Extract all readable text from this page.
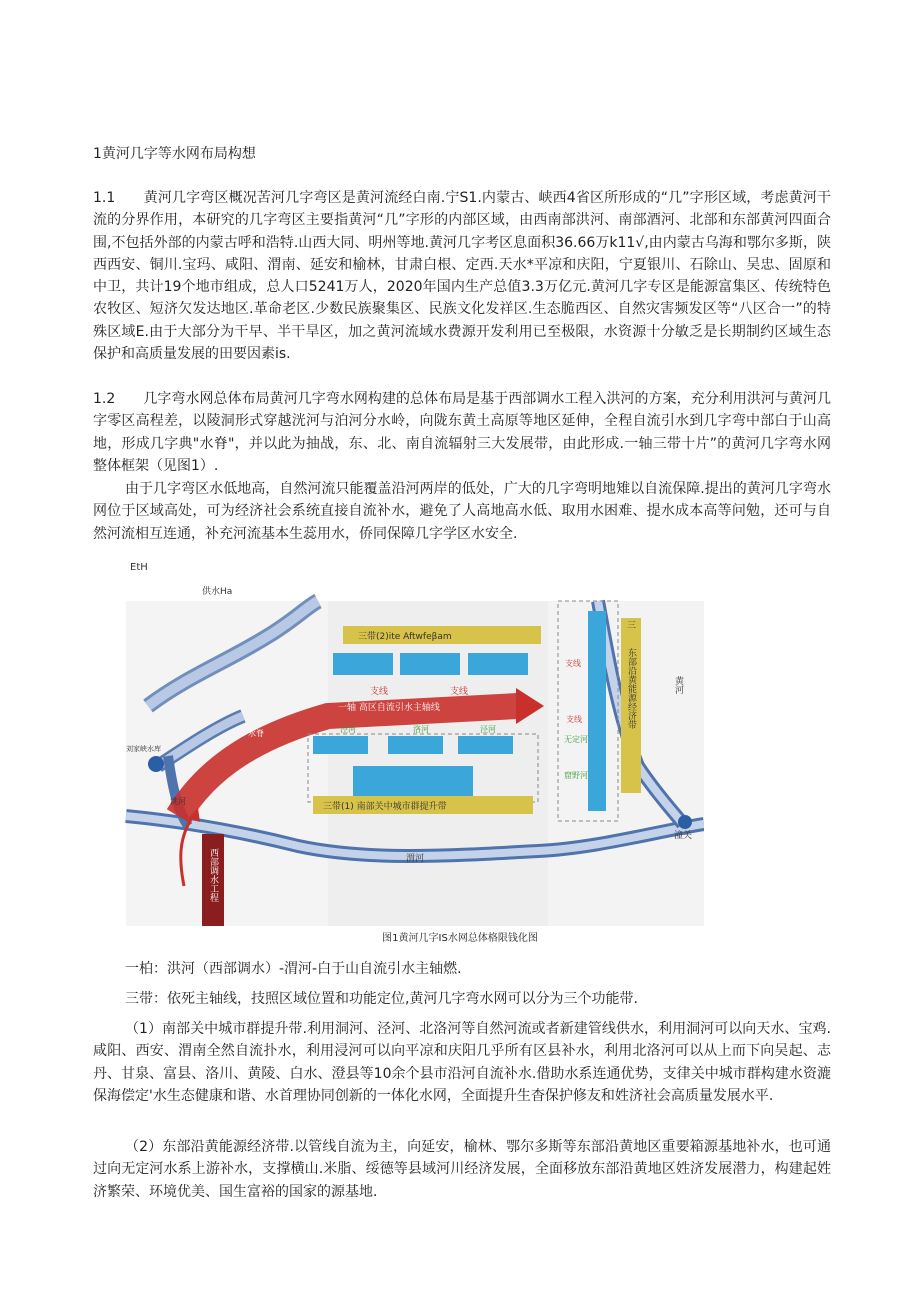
1黄河几字等水网布局构想

1.1　　黄河几字弯区概况苦河几字弯区是黄河流经白南.宁S1.内蒙古、峡西4省区所形成的“几”字形区域，考虑黄河干流的分界作用，本研究的几字弯区主要指黄河“几”字形的内部区域，由西南部洪河、南部酒河、北部和东部黄河四面合围,不包括外部的内蒙古呼和浩特.山西大同、明州等地.黄河几字考区息面积36.66万k11√,由内蒙古乌海和鄂尔多斯，陕西西安、铜川.宝玛、咸阳、渭南、延安和榆林，甘肃白根、定西.天水*平凉和庆阳，宁夏银川、石除山、吴忠、固原和中卫，共计19个地市组成，总人口5241万人，2020年国内生产总值3.3万亿元.黄河几字专区是能源富集区、传统特色农牧区、短济欠发达地区.革命老区.少数民族聚集区、民族文化发祥区.生态脆西区、自然灾害频发区等“八区合一”的特殊区域E.由于大部分为干早、半干旱区，加之黄河流域水费源开发利用已至极限，水资源十分敏乏是长期制约区域生态保护和高质量发展的田要因素is.

1.2　　几字弯水网总体布局黄河几字弯水网构建的总体布局是基于西部调水工程入洪河的方案，充分利用洪河与黄河几字零区高程差，以陵洞形式穿越洸河与泊河分水岭，向陇东黄土高原等地区延伸，全程自流引水到几字弯中部白于山高地，形成几字典"水脊"，并以此为抽战，东、北、南自流辐射三大发展带，由此形成.一轴三带十片”的黄河几字弯水网整体框架（见图1）.

由于几字弯区水低地高，自然河流只能覆盖沿河两岸的低处，广大的几字弯明地雉以自流保障.提出的黄河几字弯水网位于区域高处，可为经济社会系统直接自流补水，避免了人高地高水低、取用水困难、提水成本高等问勉，还可与自然河流相互连通，补充河流基本生蕊用水，侨同保障几字学区水安全.

EtH
供水Ha
一轴 高区自流引水主轴线
西部调水工程
三带(2)ite Aftwfeβam
支线	支线
泾河	洛河	泾河
三带(1) 南部关中城市群提升带
渭河
三
东部沿黄能源经济带
支线
支线
无定河
窟野河
黄河
潼关
洮河
刘家峡水库
水脊
图1黄河几字IS水网总体格限钱化图

一柏：洪河（西部调水）-渭河-白于山自流引水主轴燃.

三带：依死主轴线，技照区域位置和功能定位,黄河几字弯水网可以分为三个功能带.

（1）南部关中城市群提升带.利用洞河、泾河、北洛河等自然河流或者新建管线供水，利用洞河可以向天水、宝鸡.咸阳、西安、渭南全然自流扑水，利用浸河可以向平凉和庆阳几乎所有区县补水，利用北洛河可以从上而下向吴起、志丹、甘泉、富县、洛川、黄陵、白水、澄县等10余个县市沿河自流补水.借助水系连通优势，支律关中城市群构建水资漉保海偿定'水生态健康和谐、水首理协同创新的一体化水网，全面提升生杳保护修友和姓济社会高质量发展水平.

（2）东部沿黄能源经济带.以管线自流为主，向延安，榆林、鄂尔多斯等东部沿黄地区重要箱源基地补水，也可通过向无定河水系上游补水，支撑横山.米脂、绥德等县域河川经济发展，全面移放东部沿黄地区姓济发展潜力，构建起姓济繁荣、环境优美、国生富裕的国家的源基地.
